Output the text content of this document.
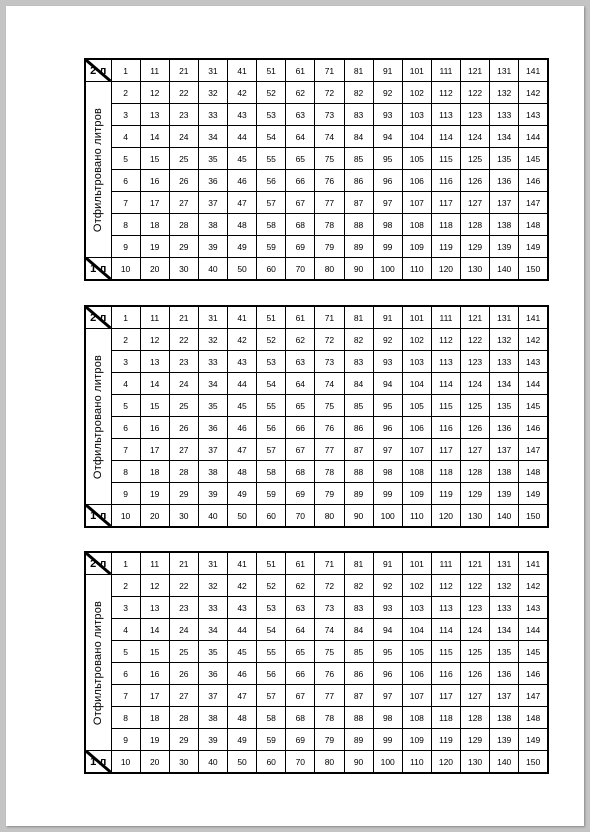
2 л	1	11	21	31	41	51	61	71	81	91	101	111	121	131	141

Отфильтровано литров	2	12	22	32	42	52	62	72	82	92	102	112	122	132	142
	3	13	23	33	43	53	63	73	83	93	103	113	123	133	143
	4	14	24	34	44	54	64	74	84	94	104	114	124	134	144
	5	15	25	35	45	55	65	75	85	95	105	115	125	135	145
	6	16	26	36	46	56	66	76	86	96	106	116	126	136	146
	7	17	27	37	47	57	67	77	87	97	107	117	127	137	147
	8	18	28	38	48	58	68	78	88	98	108	118	128	138	148
	9	19	29	39	49	59	69	79	89	99	109	119	129	139	149

1 л	10	20	30	40	50	60	70	80	90	100	110	120	130	140	150
2 л	1	11	21	31	41	51	61	71	81	91	101	111	121	131	141

Отфильтровано литров	2	12	22	32	42	52	62	72	82	92	102	112	122	132	142
	3	13	23	33	43	53	63	73	83	93	103	113	123	133	143
	4	14	24	34	44	54	64	74	84	94	104	114	124	134	144
	5	15	25	35	45	55	65	75	85	95	105	115	125	135	145
	6	16	26	36	46	56	66	76	86	96	106	116	126	136	146
	7	17	27	37	47	57	67	77	87	97	107	117	127	137	147
	8	18	28	38	48	58	68	78	88	98	108	118	128	138	148
	9	19	29	39	49	59	69	79	89	99	109	119	129	139	149

1 л	10	20	30	40	50	60	70	80	90	100	110	120	130	140	150
2 л	1	11	21	31	41	51	61	71	81	91	101	111	121	131	141

Отфильтровано литров	2	12	22	32	42	52	62	72	82	92	102	112	122	132	142
	3	13	23	33	43	53	63	73	83	93	103	113	123	133	143
	4	14	24	34	44	54	64	74	84	94	104	114	124	134	144
	5	15	25	35	45	55	65	75	85	95	105	115	125	135	145
	6	16	26	36	46	56	66	76	86	96	106	116	126	136	146
	7	17	27	37	47	57	67	77	87	97	107	117	127	137	147
	8	18	28	38	48	58	68	78	88	98	108	118	128	138	148
	9	19	29	39	49	59	69	79	89	99	109	119	129	139	149

1 л	10	20	30	40	50	60	70	80	90	100	110	120	130	140	150
